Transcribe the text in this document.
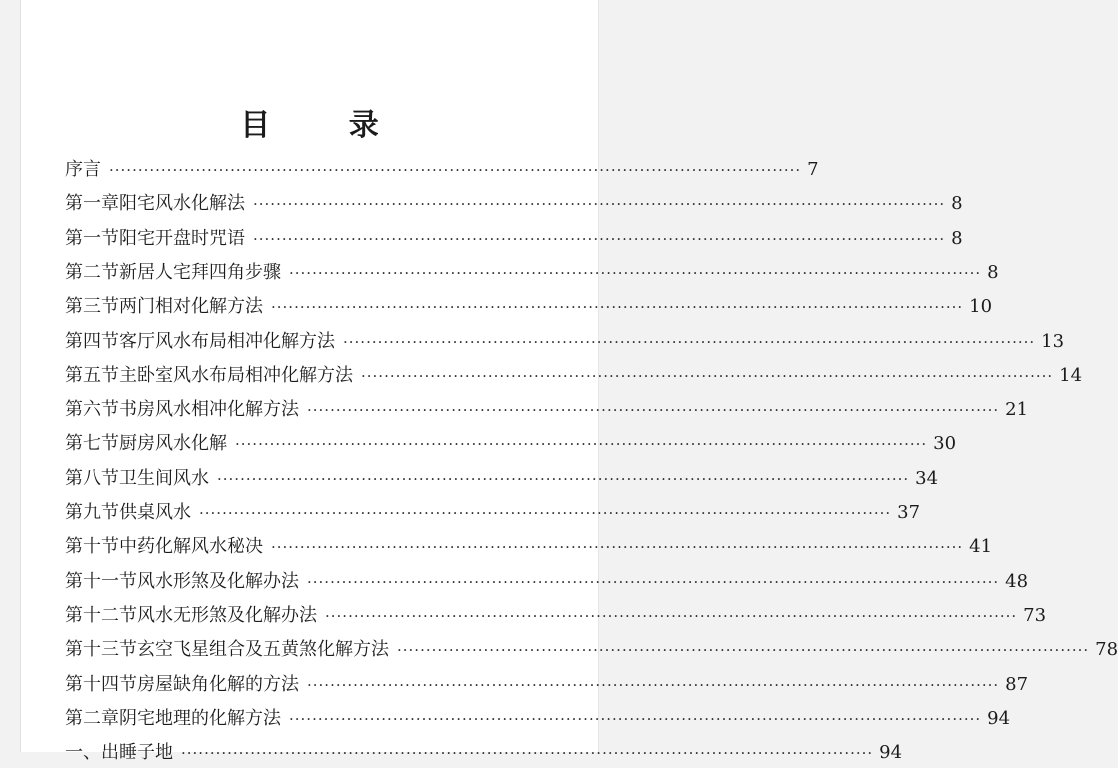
目 录
序言 ························································································································ 7
第一章 阳宅风水化解法 ························································································································ 8
第一节 阳宅开盘时咒语 ························································································································ 8
第二节 新居人宅拜四角步骤 ························································································································ 8
第三节 两门相对化解方法 ························································································································ 10
第四节 客厅风水布局相冲化解方法 ························································································································ 13
第五节 主卧室风水布局相冲化解方法 ························································································································ 14
第六节 书房风水相冲化解方法 ························································································································ 21
第七节 厨房风水化解 ························································································································ 30
第八节 卫生间风水 ························································································································ 34
第九节 供桌风水 ························································································································ 37
第十节 中药化解风水秘决 ························································································································ 41
第十一节 风水形煞及化解办法 ························································································································ 48
第十二节 风水无形煞及化解办法 ························································································································ 73
第十三节 玄空飞星组合及五黄煞化解方法 ························································································································ 78
第十四节 房屋缺角化解的方法 ························································································································ 87
第二章 阴宅地理的化解方法 ························································································································ 94
一、出睡子地 ························································································································ 94
